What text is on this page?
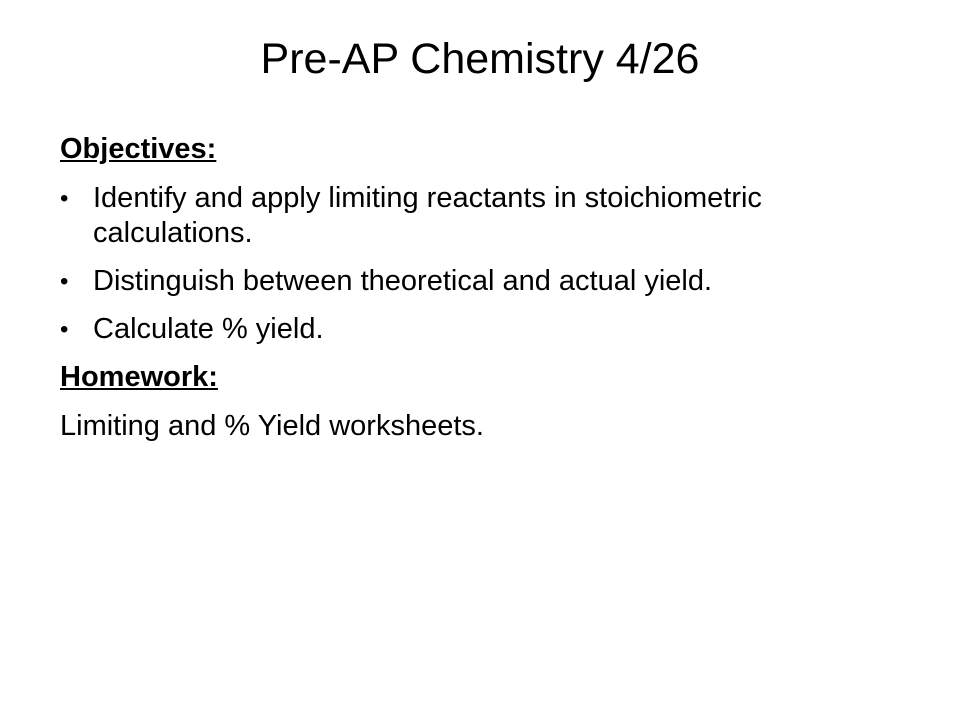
Pre-AP Chemistry 4/26
Objectives:
• Identify and apply limiting reactants in stoichiometric calculations.
• Distinguish between theoretical and actual yield.
• Calculate % yield.
Homework:

Limiting and % Yield worksheets.
